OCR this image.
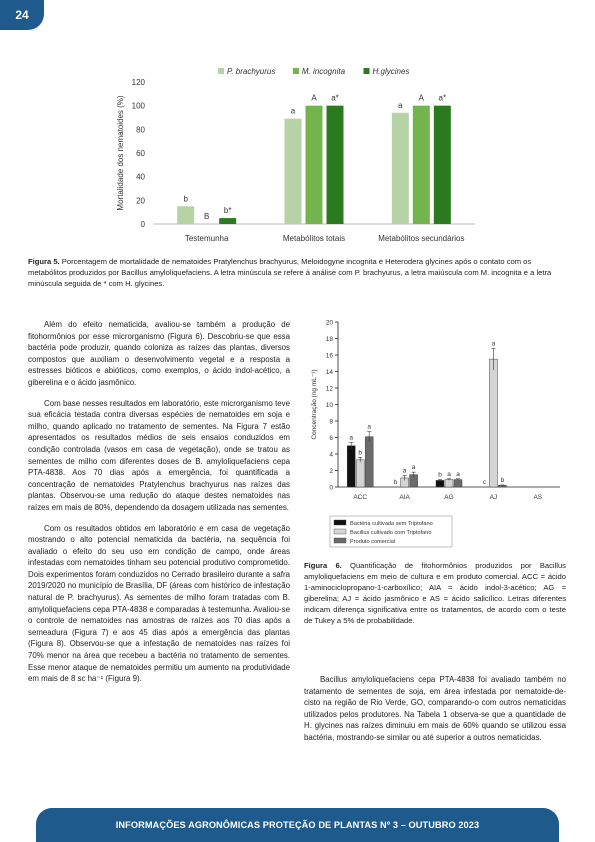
24
0
20
40
60
80
100
120
Mortalidade dos nematoides (%)
P. brachyurus	M. incognita	H.glycines
b
B
b*
Testemunha
a
A a*
Metabólitos totais
a
A a*
Metabólitos secundários
Figura 5. Porcentagem de mortalidade de nematoides Pratylenchus brachyurus, Meloidogyne incognita e Heterodera glycines após o contato com os metabólitos produzidos por Bacillus amyloliquefaciens. A letra minúscula se refere à análise com P. brachyurus, a letra maiúscula com M. incognita e a letra minúscula seguida de * com H. glycines.

Além do efeito nematicida, avaliou-se também a produção de fitohormônios por esse microrganismo (Figura 6). Descobriu-se que essa bactéria pode produzir, quando coloniza as raízes das plantas, diversos compostos que auxiliam o desenvolvimento vegetal e a resposta a estresses bióticos e abióticos, como exemplos, o ácido indol-acético, a giberelina e o ácido jasmônico.

Com base nesses resultados em laboratório, este microrganismo teve sua eficácia testada contra diversas espécies de nematoides em soja e milho, quando aplicado no tratamento de sementes. Na Figura 7 estão apresentados os resultados médios de seis ensaios conduzidos em condição controlada (vasos em casa de vegetação), onde se tratou as sementes de milho com diferentes doses de B. amyloliquefaciens cepa PTA-4838. Aos 70 dias após a emergência, foi quantificada a concentração de nematoides Pratylenchus brachyurus nas raízes das plantas. Observou-se uma redução do ataque destes nematoides nas raízes em mais de 80%, dependendo da dosagem utilizada nas sementes.

Com os resultados obtidos em laboratório e em casa de vegetação mostrando o alto potencial nematicida da bactéria, na sequência foi avaliado o efeito do seu uso em condição de campo, onde áreas infestadas com nematoides tinham seu potencial produtivo comprometido. Dois experimentos foram conduzidos no Cerrado brasileiro durante a safra 2019/2020 no município de Brasília, DF (áreas com histórico de infestação natural de P. brachyurus). As sementes de milho foram tratadas com B. amyloliquefaciens cepa PTA-4838 e comparadas à testemunha. Avaliou-se o controle de nematoides nas amostras de raízes aos 70 dias após a semeadura (Figura 7) e aos 45 dias após a emergência das plantas (Figura 8). Observou-se que a infestação de nematoides nas raízes foi 70% menor na área que recebeu a bactéria no tratamento de sementes. Esse menor ataque de nematoides permitiu um aumento na produtividade em mais de 8 sc ha⁻¹ (Figura 9).

0
2
4
6
8
10
12
14
16
18
20
Concentração (ng mL⁻¹)	a
b
a
ACC
b
a a
AIA
b a a
AG
c
a
b
AJ	AS
Bactéria cultivada sem Triptofano
Bacillus cultivado com Triptofano
Produto comercial
Figura 6. Quantificação de fitohormônios produzidos por Bacillus amyloliquefaciens em meio de cultura e em produto comercial. ACC = ácido 1-aminociclopropano-1-carboxílico; AIA = ácido indol-3-acético; AG = giberelina; AJ = ácido jasmônico e AS = ácido salicílico. Letras diferentes indicam diferença significativa entre os tratamentos, de acordo com o teste de Tukey a 5% de probabilidade.

Bacillus amyloliquefaciens cepa PTA-4838 foi avaliado também no tratamento de sementes de soja, em área infestada por nematoide-de-cisto na região de Rio Verde, GO, comparando-o com outros nematicidas utilizados pelos produtores. Na Tabela 1 observa-se que a quantidade de H. glycines nas raízes diminuiu em mais de 60% quando se utilizou essa bactéria, mostrando-se similar ou até superior a outros nematicidas.

INFORMAÇÕES AGRONÔMICAS PROTEÇÃO DE PLANTAS Nº 3 – OUTUBRO 2023
